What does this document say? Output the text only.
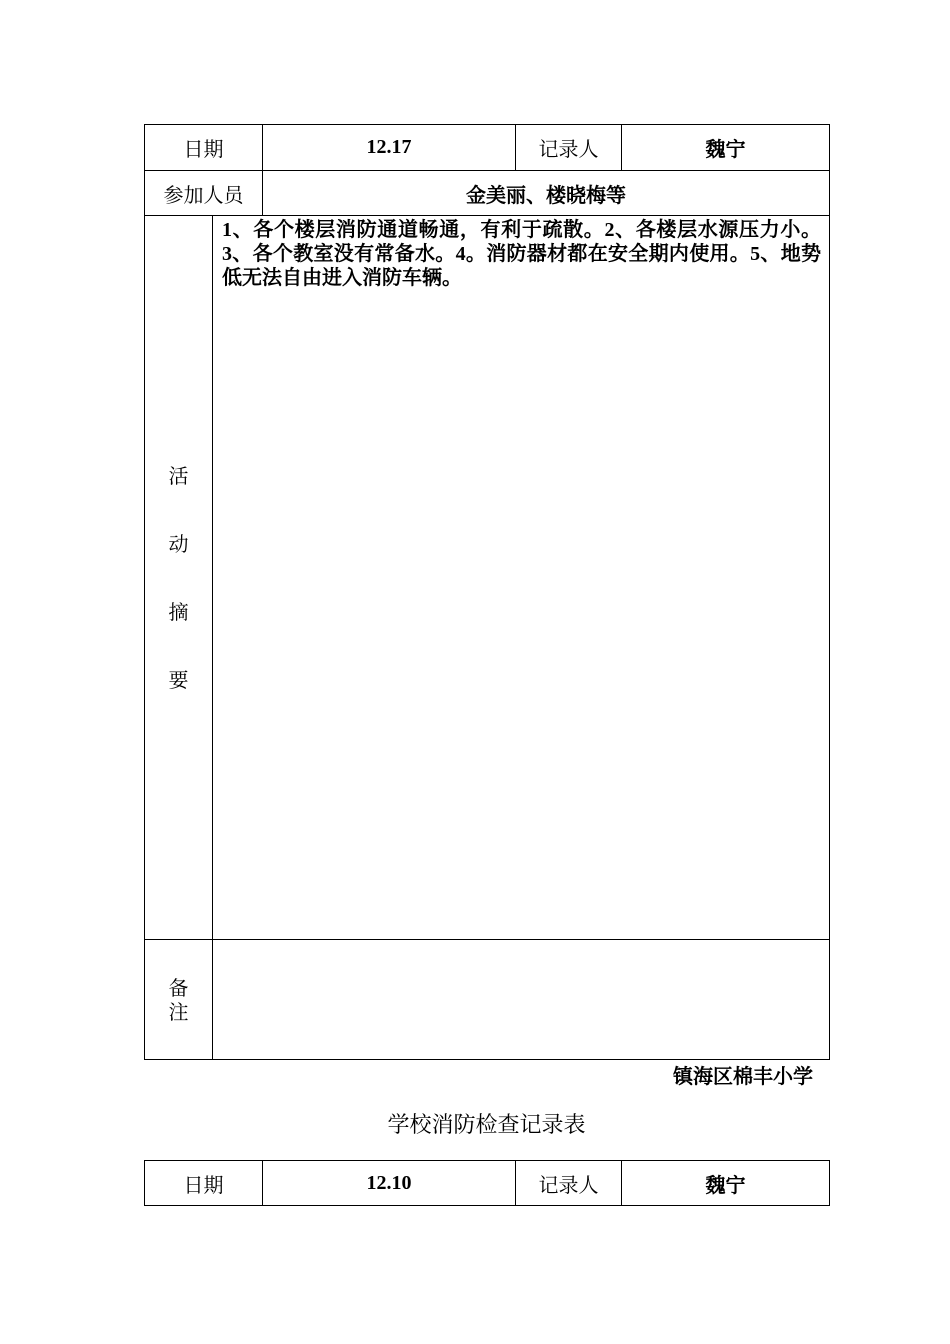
日期		12.17	记录人	魏宁
参加人员		金美丽、楼晓梅等		

活
动
摘
要	1、各个楼层消防通道畅通，有利于疏散。2、各楼层水源压力小。3、各个教室没有常备水。4。消防器材都在安全期内使用。5、地势低无法自由进入消防车辆。			

备
注				

镇海区棉丰小学
学校消防检查记录表
日期	12.10	记录人	魏宁
